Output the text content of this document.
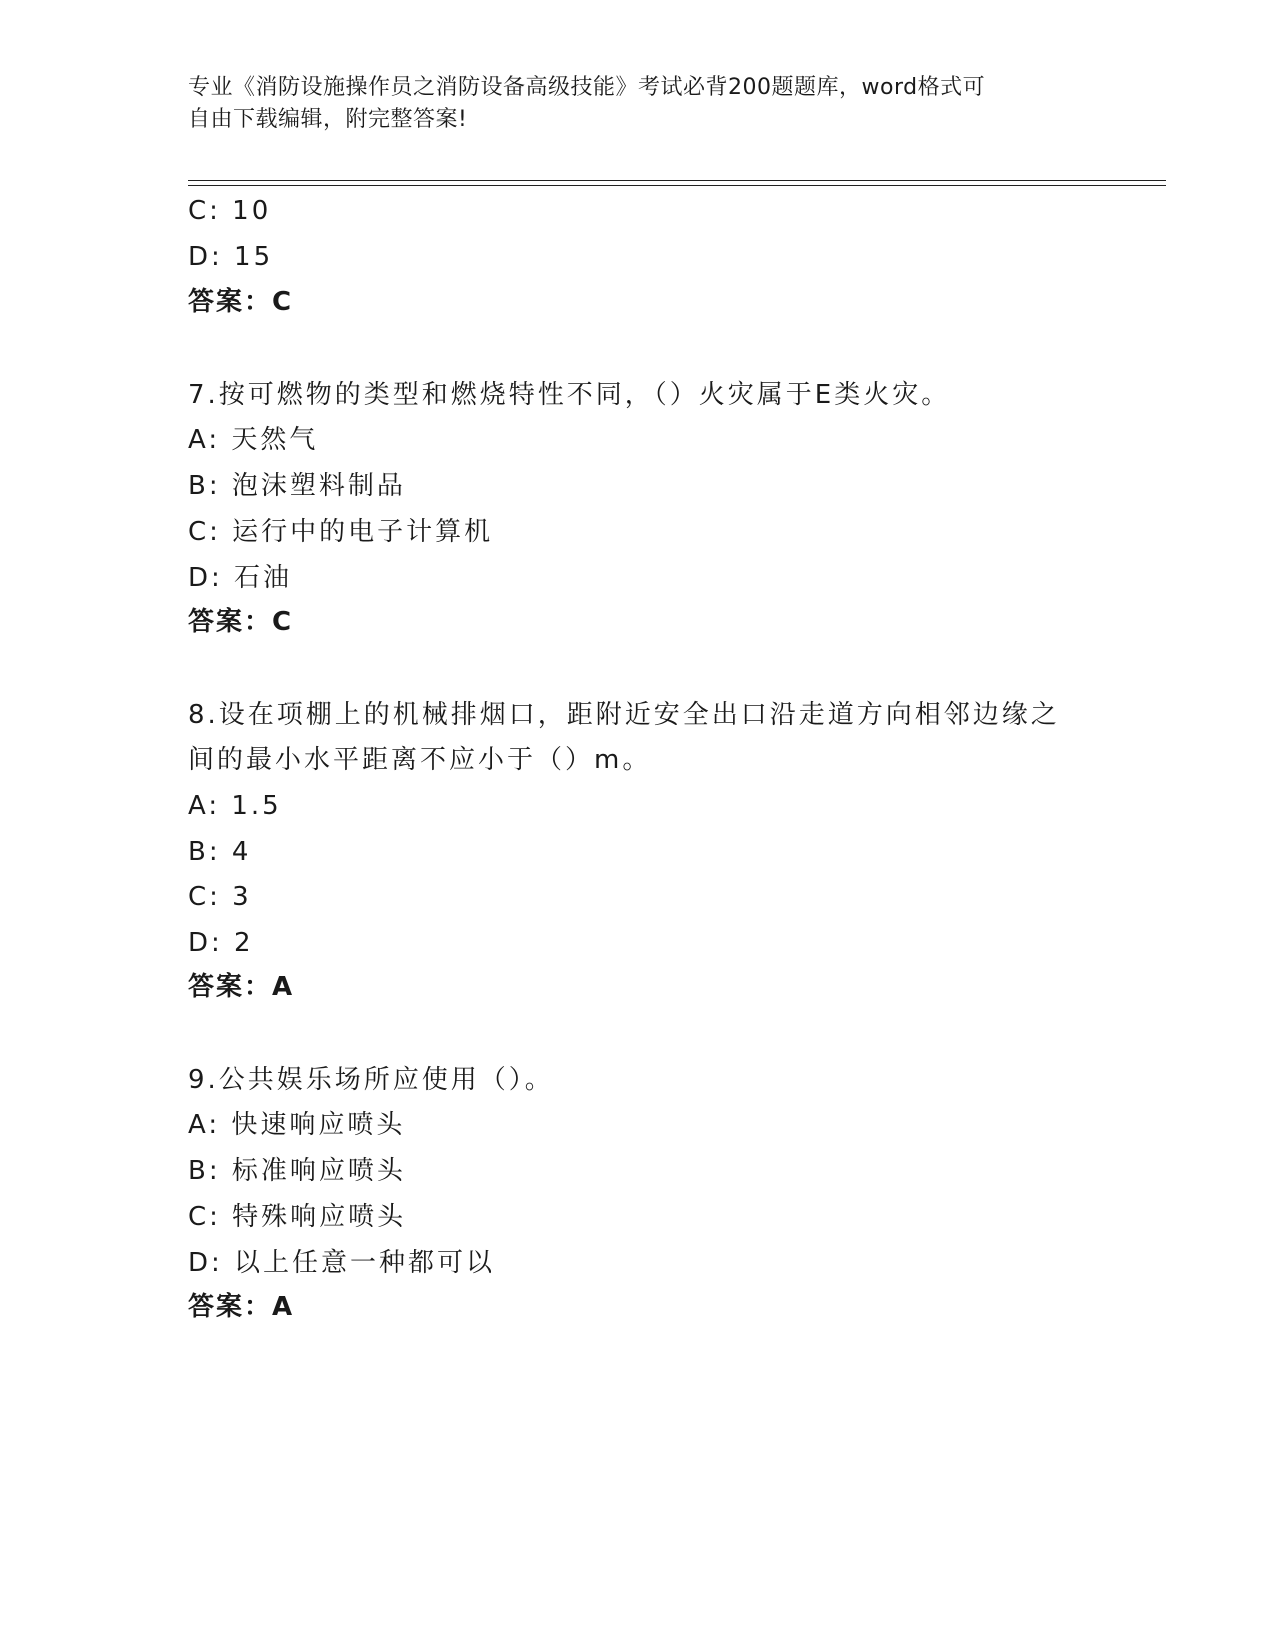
专业《消防设施操作员之消防设备高级技能》考试必背200题题库，word格式可

自由下载编辑，附完整答案!

C: 10
D: 15
答案：C
7.按可燃物的类型和燃烧特性不同，（）火灾属于E类火灾。
A: 天然气
B: 泡沫塑料制品
C: 运行中的电子计算机
D: 石油
答案：C
8.设在项棚上的机械排烟口，距附近安全出口沿走道方向相邻边缘之
间的最小水平距离不应小于（）m。
A: 1.5
B: 4
C: 3
D: 2
答案：A
9.公共娱乐场所应使用（）。
A: 快速响应喷头
B: 标准响应喷头
C: 特殊响应喷头
D: 以上任意一种都可以
答案：A
